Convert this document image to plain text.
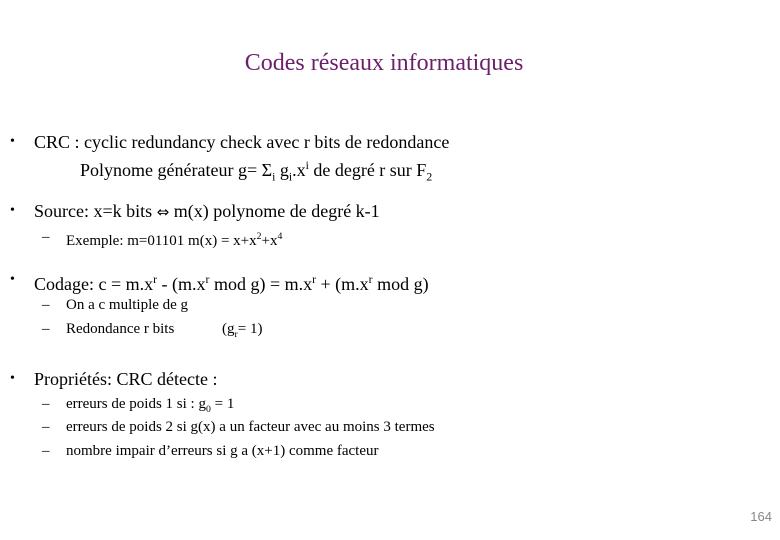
Codes réseaux informatiques
• CRC : cyclic redundancy check avec r bits de redondance
Polynome générateur $g= \Sigma_i$ $g_i.x^i$ de degré r sur $F_2$
• Source: x=k bits ⇔ m(x) polynome de degré k-1
– Exemple: m=01101 $m(x) = x+x^2+x^4$
• Codage: $c = m.x^r - (m.x^r$ mod $g) = m.x^r + (m.x^r$ mod g)
– On a c multiple de g
– Redondance r bits	$(g_r= 1)$
• Propriétés: CRC détecte :
– erreurs de poids 1 si : $g_0 = 1$
– erreurs de poids 2 si g(x) a un facteur avec au moins 3 termes
– nombre impair d’erreurs si g a (x+1) comme facteur
164
